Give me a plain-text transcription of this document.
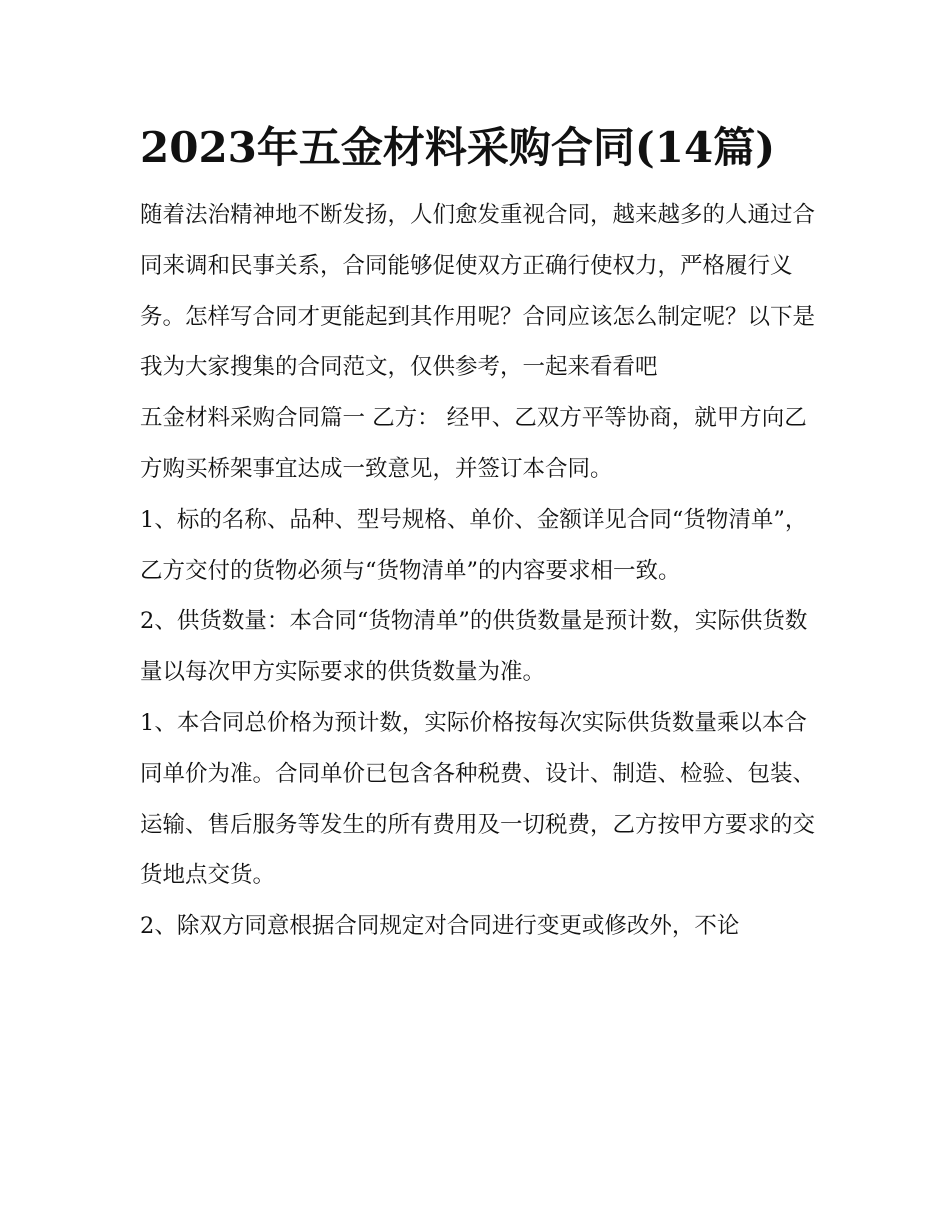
2023年五金材料采购合同(14篇)

随着法治精神地不断发扬，人们愈发重视合同，越来越多的人通过合同来调和民事关系，合同能够促使双方正确行使权力，严格履行义务。怎样写合同才更能起到其作用呢？合同应该怎么制定呢？以下是我为大家搜集的合同范文，仅供参考，一起来看看吧

五金材料采购合同篇一 乙方： 经甲、乙双方平等协商，就甲方向乙方购买桥架事宜达成一致意见，并签订本合同。

1、标的名称、品种、型号规格、单价、金额详见合同“货物清单”，乙方交付的货物必须与“货物清单”的内容要求相一致。

2、供货数量：本合同“货物清单”的供货数量是预计数，实际供货数量以每次甲方实际要求的供货数量为准。

1、本合同总价格为预计数，实际价格按每次实际供货数量乘以本合同单价为准。合同单价已包含各种税费、设计、制造、检验、包装、运输、售后服务等发生的所有费用及一切税费，乙方按甲方要求的交货地点交货。

2、除双方同意根据合同规定对合同进行变更或修改外，不论
